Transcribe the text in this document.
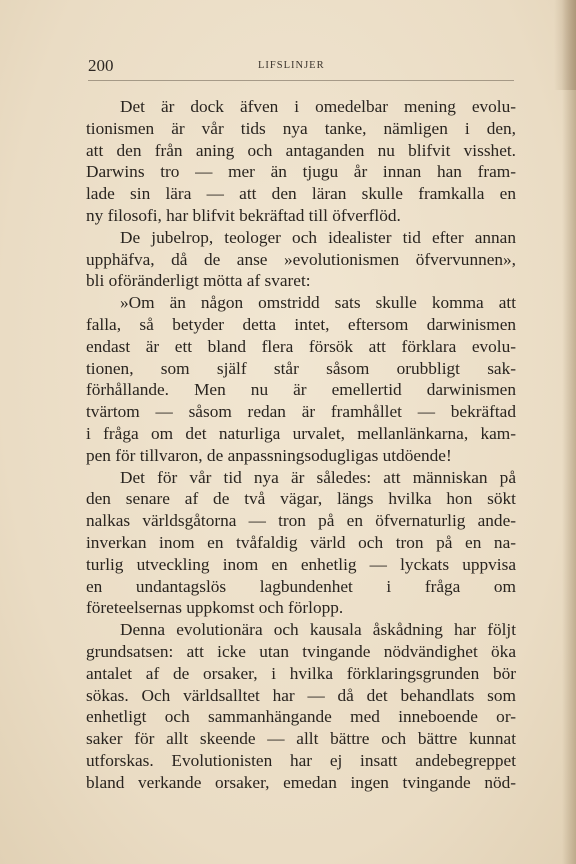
200	LIFSLINJER
Det är dock äfven i omedelbar mening evolu-
tionismen är vår tids nya tanke, nämligen i den,
att den från aning och antaganden nu blifvit visshet.
Darwins tro — mer än tjugu år innan han fram-
lade sin lära — att den läran skulle framkalla en
ny filosofi, har blifvit bekräftad till öfverflöd.
De jubelrop, teologer och idealister tid efter annan
upphäfva, då de anse »evolutionismen öfvervunnen»,
bli oföränderligt mötta af svaret:
»Om än någon omstridd sats skulle komma att
falla, så betyder detta intet, eftersom darwinismen
endast är ett bland flera försök att förklara evolu-
tionen, som själf står såsom orubbligt sak-
förhållande. Men nu är emellertid darwinismen
tvärtom — såsom redan är framhållet — bekräftad
i fråga om det naturliga urvalet, mellanlänkarna, kam-
pen för tillvaron, de anpassningsodugligas utdöende!
Det för vår tid nya är således: att människan på
den senare af de två vägar, längs hvilka hon sökt
nalkas världsgåtorna — tron på en öfvernaturlig ande-
inverkan inom en tvåfaldig värld och tron på en na-
turlig utveckling inom en enhetlig — lyckats uppvisa
en undantagslös lagbundenhet i fråga om
företeelsernas uppkomst och förlopp.
Denna evolutionära och kausala åskådning har följt
grundsatsen: att icke utan tvingande nödvändighet öka
antalet af de orsaker, i hvilka förklaringsgrunden bör
sökas. Och världsalltet har — då det behandlats som
enhetligt och sammanhängande med inneboende or-
saker för allt skeende — allt bättre och bättre kunnat
utforskas. Evolutionisten har ej insatt andebegreppet
bland verkande orsaker, emedan ingen tvingande nöd-
